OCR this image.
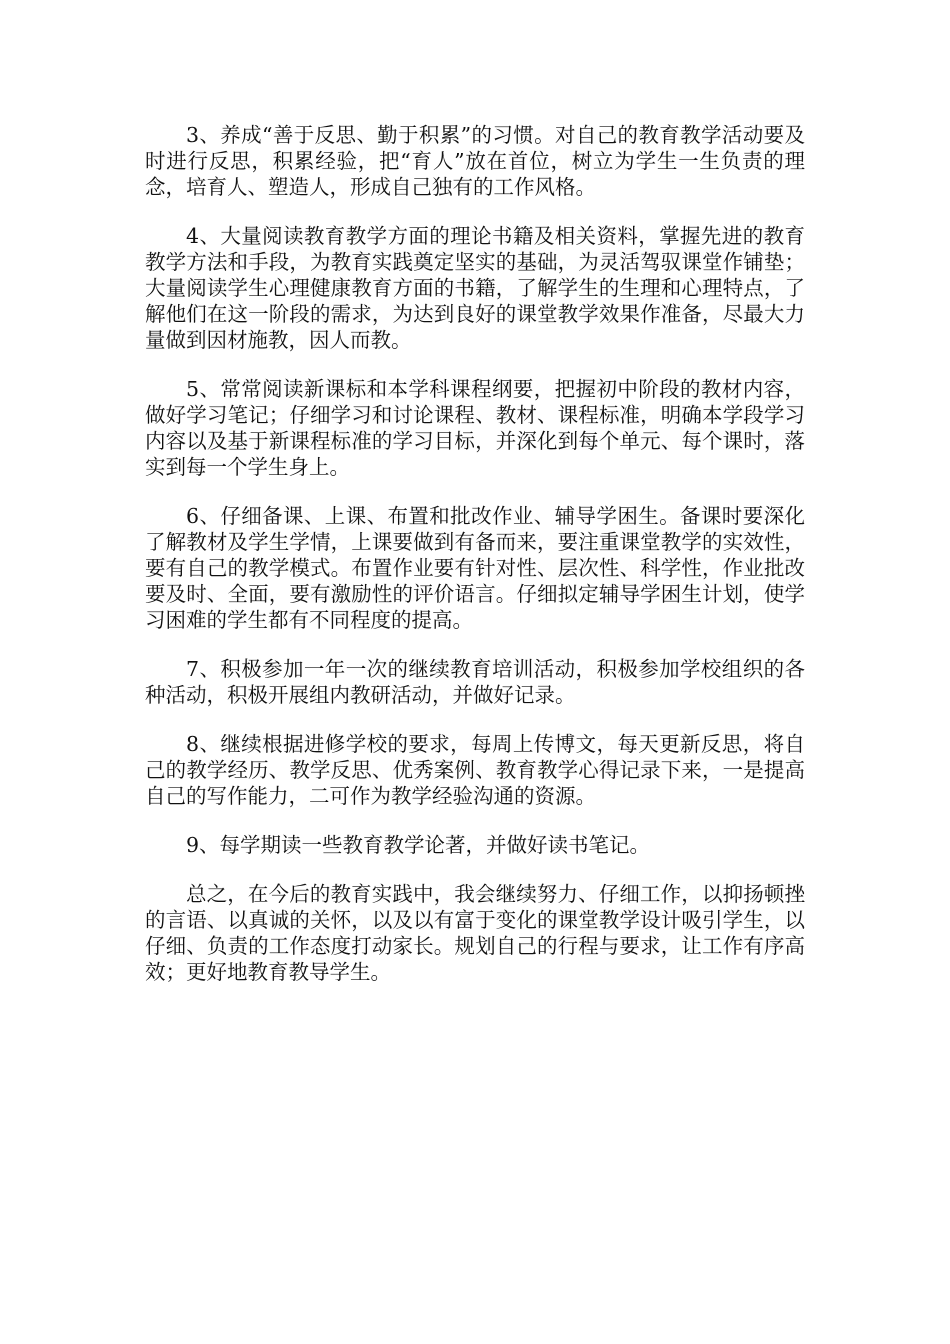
3、养成“善于反思、勤于积累”的习惯。对自己的教育教学活动要及时进行反思，积累经验，把“育人”放在首位，树立为学生一生负责的理念，培育人、塑造人，形成自己独有的工作风格。

4、大量阅读教育教学方面的理论书籍及相关资料，掌握先进的教育教学方法和手段，为教育实践奠定坚实的基础，为灵活驾驭课堂作铺垫；大量阅读学生心理健康教育方面的书籍，了解学生的生理和心理特点，了解他们在这一阶段的需求，为达到良好的课堂教学效果作准备，尽最大力量做到因材施教，因人而教。

5、常常阅读新课标和本学科课程纲要，把握初中阶段的教材内容，做好学习笔记；仔细学习和讨论课程、教材、课程标准，明确本学段学习内容以及基于新课程标准的学习目标，并深化到每个单元、每个课时，落实到每一个学生身上。

6、仔细备课、上课、布置和批改作业、辅导学困生。备课时要深化了解教材及学生学情，上课要做到有备而来，要注重课堂教学的实效性，要有自己的教学模式。布置作业要有针对性、层次性、科学性，作业批改要及时、全面，要有激励性的评价语言。仔细拟定辅导学困生计划，使学习困难的学生都有不同程度的提高。

7、积极参加一年一次的继续教育培训活动，积极参加学校组织的各种活动，积极开展组内教研活动，并做好记录。

8、继续根据进修学校的要求，每周上传博文，每天更新反思，将自己的教学经历、教学反思、优秀案例、教育教学心得记录下来，一是提高自己的写作能力，二可作为教学经验沟通的资源。

9、每学期读一些教育教学论著，并做好读书笔记。

总之，在今后的教育实践中，我会继续努力、仔细工作，以抑扬顿挫的言语、以真诚的关怀，以及以有富于变化的课堂教学设计吸引学生，以仔细、负责的工作态度打动家长。规划自己的行程与要求，让工作有序高效；更好地教育教导学生。
